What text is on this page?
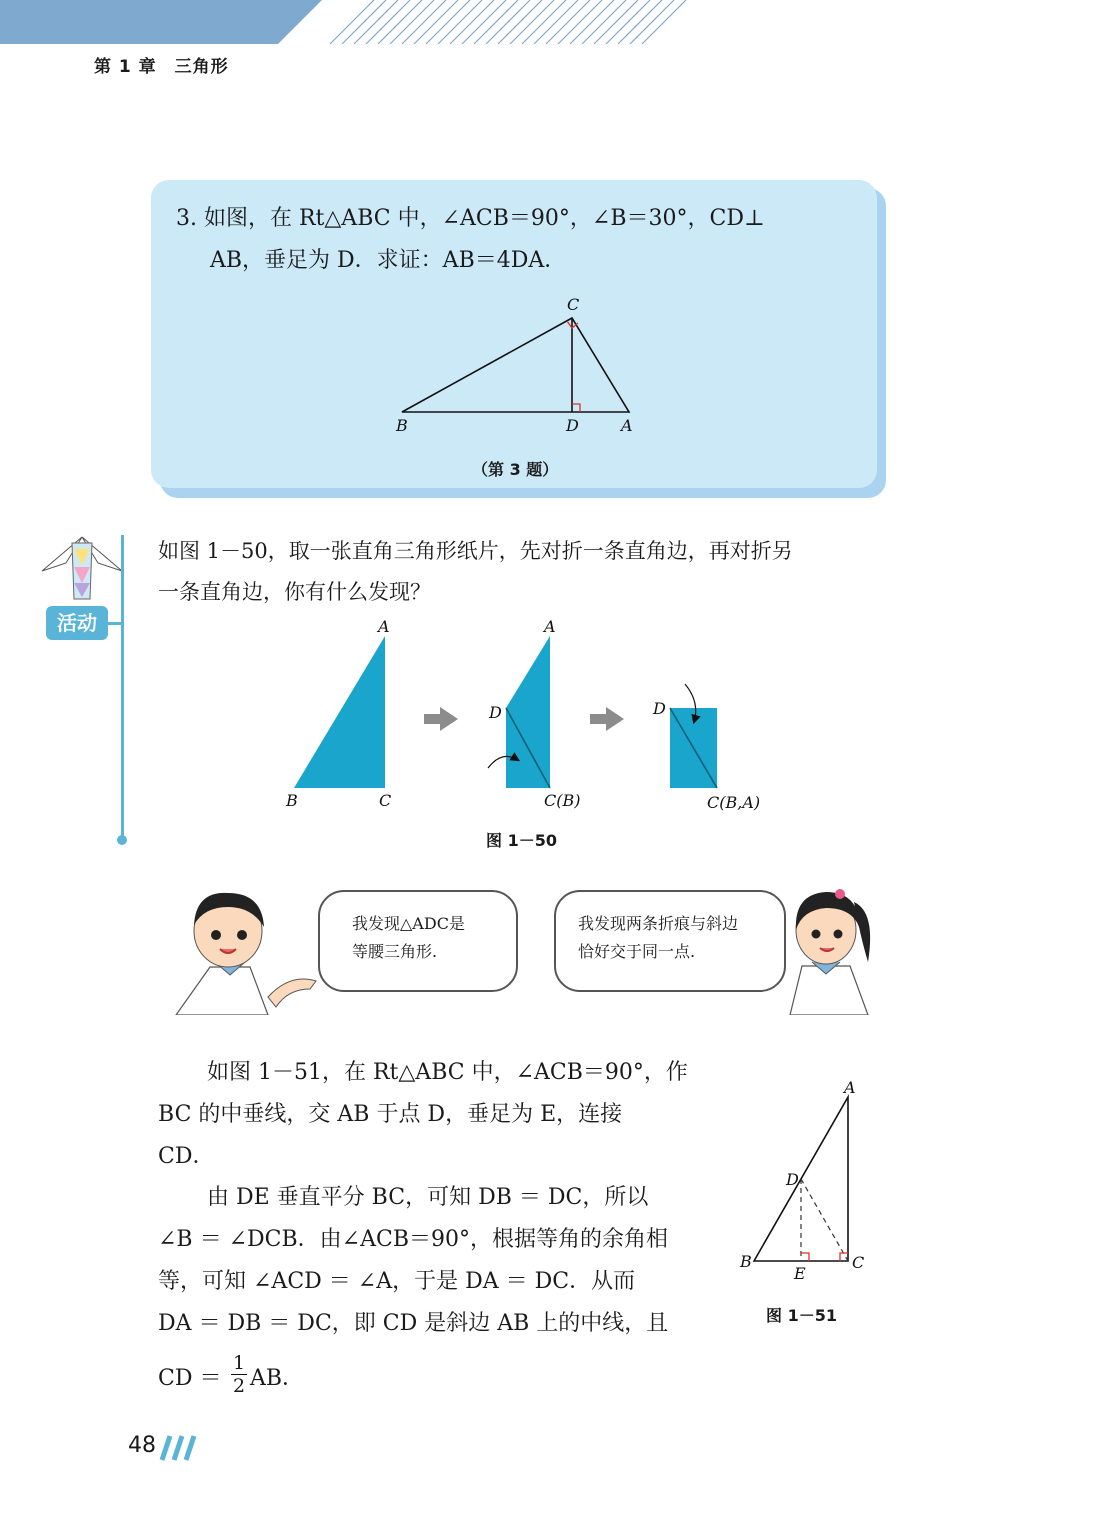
第 1 章　三角形
3. 如图，在 Rt△ABC 中，∠ACB＝90°，∠B＝30°，CD⊥
AB，垂足为 D．求证：AB＝4DA．
C
B	D	A
（第 3 题）
活动
如图 1－50，取一张直角三角形纸片，先对折一条直角边，再对折另
一条直角边，你有什么发现？
A
B	C
A
D
C(B)
D
C(B,A)
图 1－50
我发现△ADC是
等腰三角形.
我发现两条折痕与斜边
恰好交于同一点.
如图 1－51，在 Rt△ABC 中，∠ACB＝90°，作
BC 的中垂线，交 AB 于点 D，垂足为 E，连接
CD．
由 DE 垂直平分 BC，可知 DB ＝ DC，所以
∠B ＝ ∠DCB．由∠ACB＝90°，根据等角的余角相
等，可知 ∠ACD ＝ ∠A，于是 DA ＝ DC．从而
DA ＝ DB ＝ DC，即 CD 是斜边 AB 上的中线，且
CD ＝ $\frac{1}{2}$ AB．
A
D
B
E
C
图 1－51
48
